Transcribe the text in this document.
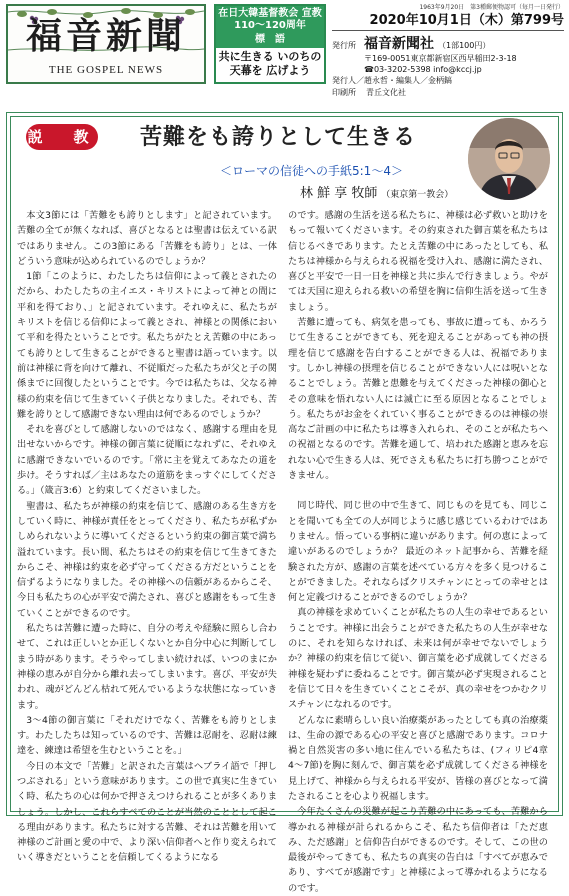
福音新聞
THE GOSPEL NEWS
在日大韓基督教会 宣教110〜120周年
標　語
共に生きる いのちの天幕を 広げよう
1963年9月20日　第3種郵便物認可（毎月一日発行）
2020年10月1日（木）第799号
発行所 福音新聞社 （1部100円）
〒169-0051東京都新宿区西早稲田2-3-18
☎03-3202-5398 info@kccj.jp
発行人／趙永哲・編集人／金柄鎬
印刷所 青丘文化社
説　教 苦難をも誇りとして生きる
＜ローマの信徒への手紙5:1〜4＞
林 鮮 享 牧師 （東京第一教会）

本文3節には「苦難をも誇りとします」と記されています。苦難の全てが無くなれば、喜びとなるとは聖書は伝えている訳ではありません。この3節にある「苦難をも誇り」とは、一体どういう意味が込められているのでしょうか？

1節「このように、わたしたちは信仰によって義とされたのだから、わたしたちの主イエス・キリストによって神との間に平和を得ており、」と記されています。それゆえに、私たちがキリストを信じる信仰によって義とされ、神様との関係において平和を得たということです。私たちがたとえ苦難の中にあっても誇りとして生きることができると聖書は語っています。以前は神様に背を向けて離れ、不従順だった私たちが父と子の関係までに回復したということです。今では私たちは、父なる神様の約束を信じて生きていく子供となりました。それでも、苦難を誇りとして感謝できない理由は何であるのでしょうか？

それを喜びとして感謝しないのではなく、感謝する理由を見出せないからです。神様の御言葉に従順になれずに、それゆえに感謝できないでいるのです。「常に主を覚えてあなたの道を歩け。そうすれば／主はあなたの道筋をまっすぐにしてくださる。」（箴言3:6）と約束してくださいました。

聖書は、私たちが神様の約束を信じて、感謝のある生き方をしていく時に、神様が責任をとってくださり、私たちが私ずかしめられないように導いてくださるという約束の御言葉で満ち溢れています。長い間、私たちはその約束を信じて生きてきたからこそ、神様は約束を必ず守ってくださる方だということを信ずるようになりました。その神様への信頼があるからこそ、今日も私たちの心が平安で満たされ、喜びと感謝をもって生きていくことができるのです。

私たちは苦難に遭った時に、自分の考えや経験に照らし合わせて、これは正しいとか正しくないとか自分中心に判断してしまう時があります。そうやってしまい続ければ、いつのまにか神様の恵みが自分から離れ去ってしまいます。喜び、平安が失われ、魂がどんどん枯れて死んでいるような状態になっていきます。

3〜4節の御言葉に「それだけでなく、苦難をも誇りとします。わたしたちは知っているのです、苦難は忍耐を、忍耐は練達を、練達は希望を生むということを。」

今日の本文で「苦難」と訳された言葉はヘブライ語で「押しつぶされる」という意味があります。この世で真実に生きていく時、私たちの心は何かで押さえつけられることが多くありましょう。しかし、これらすべてのことが当然のこととして起こる理由があります。私たちに対する苦難、それは苦難を用いて神様のご計画と愛の中で、より深い信仰者へと作り変えられていく導きだということを信頼してくるようになる

のです。感謝の生活を送る私たちに、神様は必ず救いと助けをもって報いてくださいます。その約束された御言葉を私たちは信じるべきであります。たとえ苦難の中にあったとしても、私たちは神様から与えられる祝福を受け入れ、感謝に満たされ、喜びと平安で一日一日を神様と共に歩んで行きましょう。やがては天国に迎えられる救いの希望を胸に信仰生活を送って生きましょう。

苦難に遭っても、病気を患っても、事故に遭っても、かろうじて生きることができても、死を迎えることがあっても神の摂理を信じて感謝を告白することができる人は、祝福であります。しかし神様の摂理を信じることができない人には呪いとなることでしょう。苦難と患難を与えてくださった神様の御心とその意味を悟れない人には滅亡に至る原因となることでしょう。私たちがお金をくれていく事ることができるのは神様の崇高なご計画の中に私たちは導き入れられ、そのことが私たちへの祝福となるのです。苦難を通して、培われた感謝と恵みを忘れない心で生きる人は、死でさえも私たちに打ち勝つことができません。

同じ時代、同じ世の中で生きて、同じものを見ても、同じことを聞いても全ての人が同じように感じ感じているわけではありません。悟っている事柄に違いがあります。何の恵によって違いがあるのでしょうか？ 最近のネット記事から、苦難を経験された方が、感謝の言葉を述べている方々を多く見つけることができました。それならばクリスチャンにとっての幸せとは何と定義づけることができるのでしょうか？

真の神様を求めていくことが私たちの人生の幸せであるということです。神様に出会うことができた私たちの人生が幸せなのに、それを知らなければ、未来は何が幸せでないでしょうか？神様の約束を信じて従い、御言葉を必ず成就してくださる神様を疑わずに委ねることです。御言葉が必ず実現されることを信じて日々を生きていくことこそが、真の幸せをつかむクリスチャンになれるのです。

どんなに素晴らしい良い治療薬があったとしても真の治療薬は、生命の源である心の平安と喜びと感謝であります。コロナ禍と自然災害の多い地に住んでいる私たちは、(フィリピ4章4〜7節)を胸に刻んで、御言葉を必ず成就してくださる神様を見上げて、神様から与えられる平安が、皆様の喜びとなって満たされることを心より祝福します。

今年たくさんの災難が起こり苦難の中にあっても、苦難から導かれる神様が計られるからこそ、私たち信仰者は「ただ恵み、ただ感謝」と信仰告白ができるのです。そして、この世の最後がやってきても、私たちの真実の告白は「すべてが恵みであり、すべてが感謝です」と神様によって導かれるようになるのです。
